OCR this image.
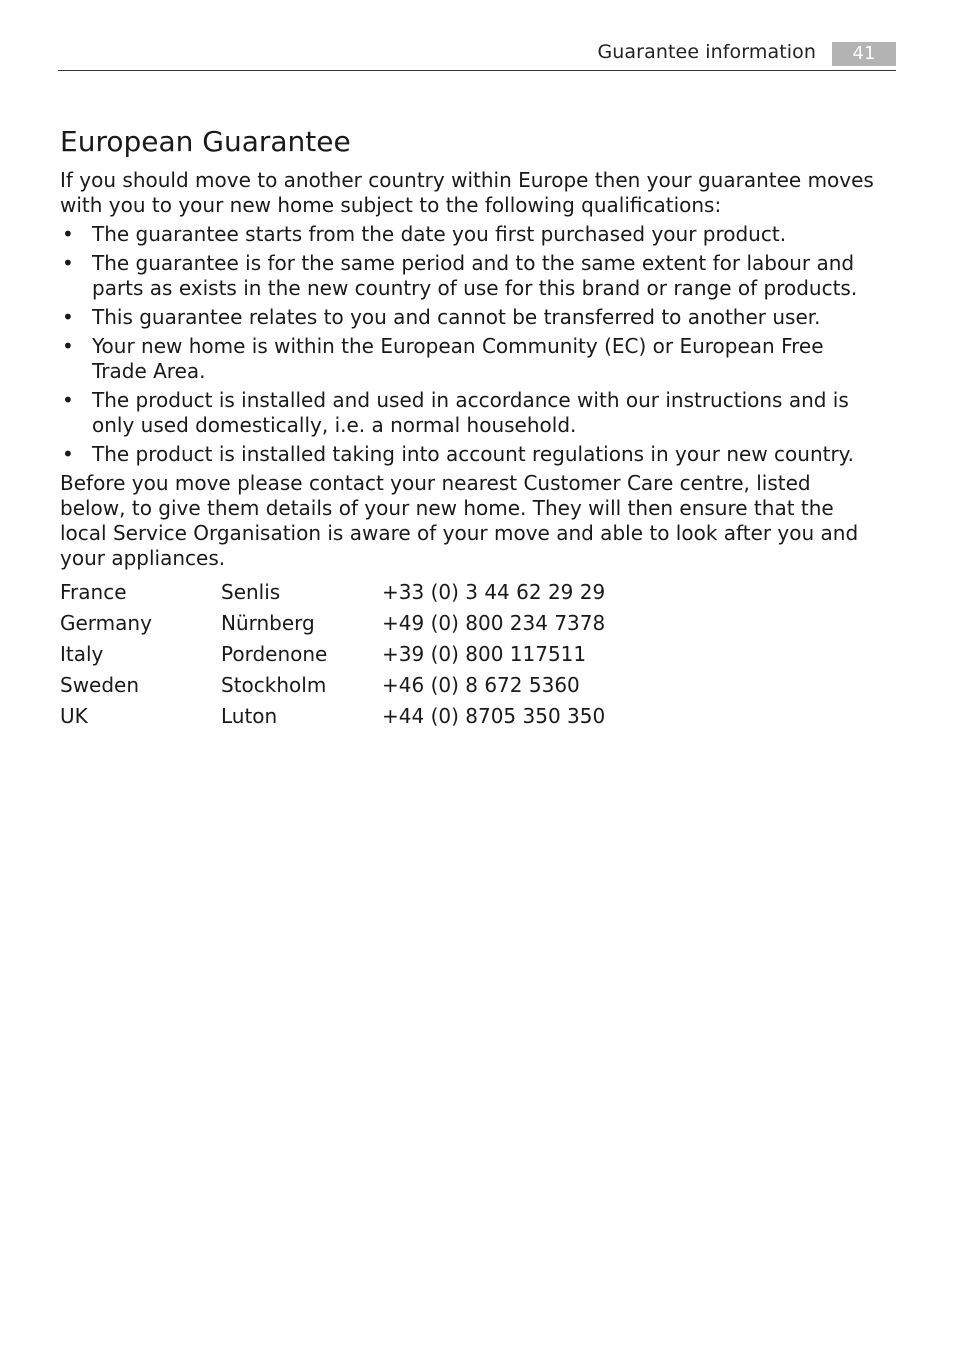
Guarantee information	41
European Guarantee

If you should move to another country within Europe then your guarantee moves with you to your new home subject to the following qualifications:

• The guarantee starts from the date you first purchased your product.
• The guarantee is for the same period and to the same extent for labour and parts as exists in the new country of use for this brand or range of products.
• This guarantee relates to you and cannot be transferred to another user.
• Your new home is within the European Community (EC) or European Free Trade Area.
• The product is installed and used in accordance with our instructions and is only used domestically, i.e. a normal household.
• The product is installed taking into account regulations in your new country.

Before you move please contact your nearest Customer Care centre, listed below, to give them details of your new home. They will then ensure that the local Service Organisation is aware of your move and able to look after you and your appliances.

France	Senlis	+33 (0) 3 44 62 29 29
Germany	Nürnberg	+49 (0) 800 234 7378
Italy	Pordenone	+39 (0) 800 117511
Sweden	Stockholm	+46 (0) 8 672 5360
UK	Luton	+44 (0) 8705 350 350
